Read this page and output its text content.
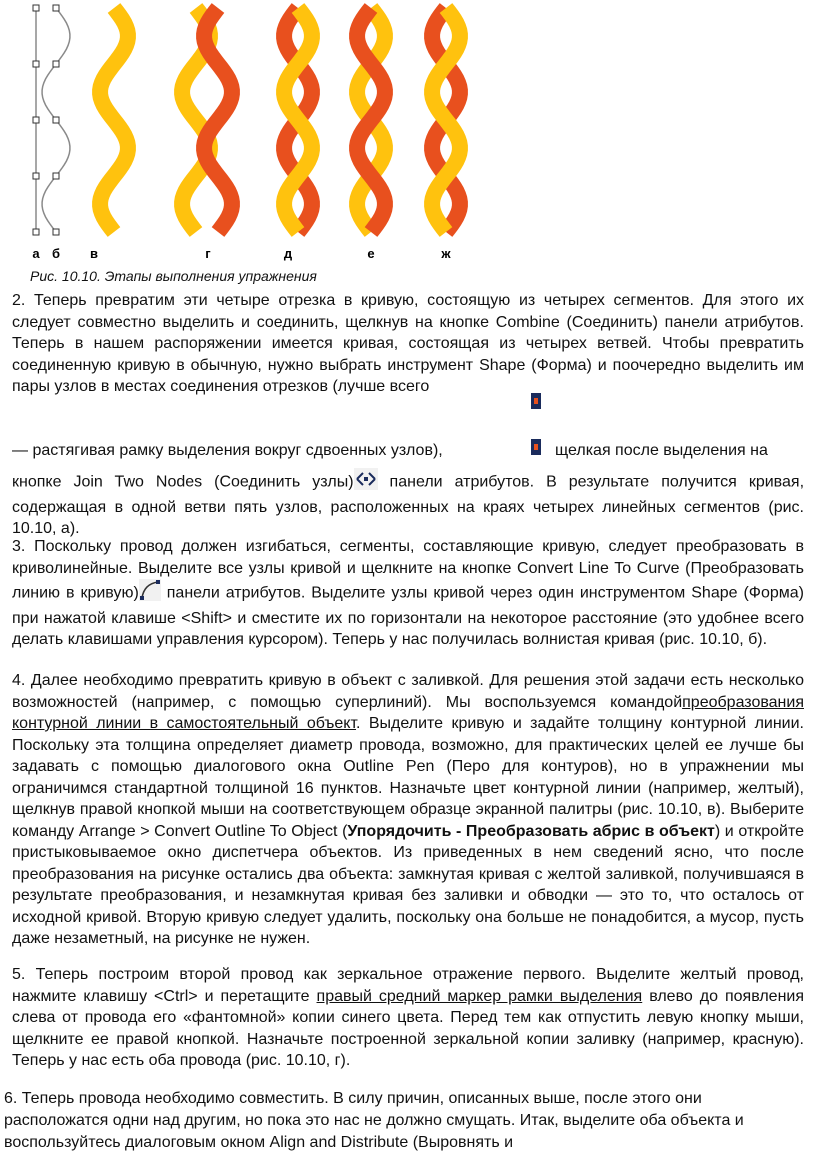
а б в	г	д	е	ж
Рис. 10.10. Этапы выполнения упражнения

2. Теперь превратим эти четыре отрезка в кривую, состоящую из четырех сегментов. Для этого их следует совместно выделить и соединить, щелкнув на кнопке Combine (Соединить) панели атрибутов. Теперь в нашем распоряжении имеется кривая, состоящая из четырех ветвей. Чтобы превратить соединенную кривую в обычную, нужно выбрать инструмент Shape (Форма) и поочередно выделить им пары узлов в местах соединения отрезков (лучше всего

— растягивая рамку выделения вокруг сдвоенных узлов),	щелкая после выделения на

кнопке Join Two Nodes (Соединить узлы) панели атрибутов. В результате получится кривая, содержащая в одной ветви пять узлов, расположенных на краях четырех линейных сегментов (рис. 10.10, а).

3. Поскольку провод должен изгибаться, сегменты, составляющие кривую, следует преобразовать в криволинейные. Выделите все узлы кривой и щелкните на кнопке Convert Line To Curve (Преобразовать линию в кривую) панели атрибутов. Выделите узлы кривой через один инструментом Shape (Форма) при нажатой клавише <Shift> и сместите их по горизонтали на некоторое расстояние (это удобнее всего делать клавишами управления курсором). Теперь у нас получилась волнистая кривая (рис. 10.10, б).

4. Далее необходимо превратить кривую в объект с заливкой. Для решения этой задачи есть несколько возможностей (например, с помощью суперлиний). Мы воспользуемся командойпреобразования контурной линии в самостоятельный объект. Выделите кривую и задайте толщину контурной линии. Поскольку эта толщина определяет диаметр провода, возможно, для практических целей ее лучше бы задавать с помощью диалогового окна Outline Pen (Перо для контуров), но в упражнении мы ограничимся стандартной толщиной 16 пунктов. Назначьте цвет контурной линии (например, желтый), щелкнув правой кнопкой мыши на соответствующем образце экранной палитры (рис. 10.10, в). Выберите команду Arrange > Convert Outline To Object (Упорядочить - Преобразовать абрис в объект) и откройте пристыковываемое окно диспетчера объектов. Из приведенных в нем сведений ясно, что после преобразования на рисунке остались два объекта: замкнутая кривая с желтой заливкой, получившаяся в результате преобразования, и незамкнутая кривая без заливки и обводки — это то, что осталось от исходной кривой. Вторую кривую следует удалить, поскольку она больше не понадобится, а мусор, пусть даже незаметный, на рисунке не нужен.

5. Теперь построим второй провод как зеркальное отражение первого. Выделите желтый провод, нажмите клавишу <Ctrl> и перетащите правый средний маркер рамки выделения влево до появления слева от провода его «фантомной» копии синего цвета. Перед тем как отпустить левую кнопку мыши, щелкните ее правой кнопкой. Назначьте построенной зеркальной копии заливку (например, красную). Теперь у нас есть оба провода (рис. 10.10, г).

6. Теперь провода необходимо совместить. В силу причин, описанных выше, после этого они расположатся одни над другим, но пока это нас не должно смущать. Итак, выделите оба объекта и воспользуйтесь диалоговым окном Align and Distribute (Выровнять и
